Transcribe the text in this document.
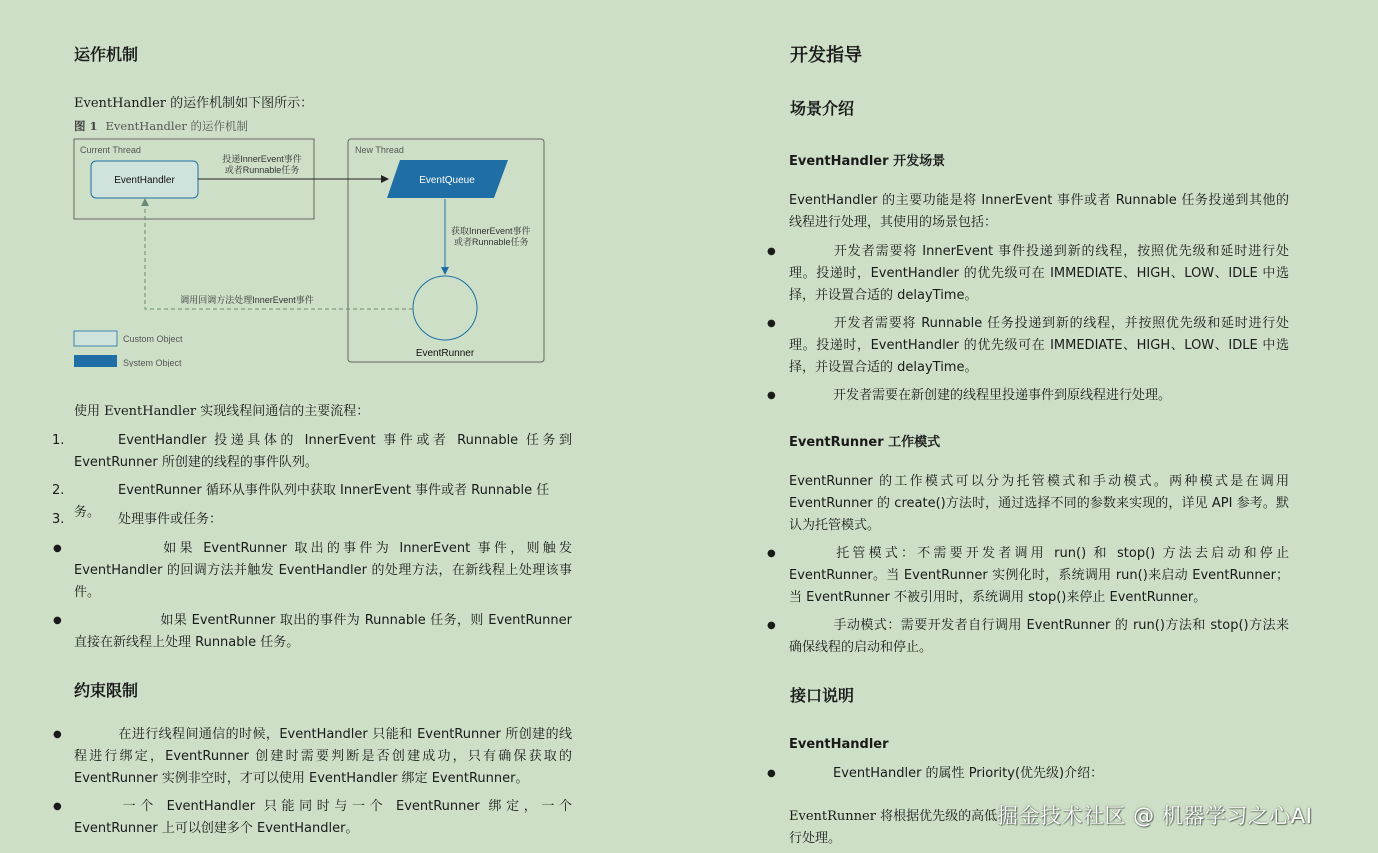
运作机制
EventHandler 的运作机制如下图所示：
图 1 EventHandler 的运作机制
Current Thread	New Thread
EventHandler	EventQueue
投递InnerEvent事件
或者Runnable任务
获取InnerEvent事件
或者Runnable任务
EventRunner
调用回调方法处理InnerEvent事件
Custom Object
System Object
使用 EventHandler 实现线程间通信的主要流程：
1.	EventHandler 投递具体的 InnerEvent 事件或者 Runnable 任务到 EventRunner 所创建的线程的事件队列。
2.	EventRunner 循环从事件队列中获取 InnerEvent 事件或者 Runnable 任务。
3.	处理事件或任务：
●	如果 EventRunner 取出的事件为 InnerEvent 事件，则触发 EventHandler 的回调方法并触发 EventHandler 的处理方法，在新线程上处理该事件。
●	如果 EventRunner 取出的事件为 Runnable 任务，则 EventRunner 直接在新线程上处理 Runnable 任务。
约束限制
●	在进行线程间通信的时候，EventHandler 只能和 EventRunner 所创建的线程进行绑定，EventRunner 创建时需要判断是否创建成功，只有确保获取的 EventRunner 实例非空时，才可以使用 EventHandler 绑定 EventRunner。
●	一个 EventHandler 只能同时与一个 EventRunner 绑定，一个 EventRunner 上可以创建多个 EventHandler。
开发指导
场景介绍
EventHandler 开发场景
EventHandler 的主要功能是将 InnerEvent 事件或者 Runnable 任务投递到其他的线程进行处理，其使用的场景包括：
●	开发者需要将 InnerEvent 事件投递到新的线程，按照优先级和延时进行处理。投递时，EventHandler 的优先级可在 IMMEDIATE、HIGH、LOW、IDLE 中选择，并设置合适的 delayTime。
●	开发者需要将 Runnable 任务投递到新的线程，并按照优先级和延时进行处理。投递时，EventHandler 的优先级可在 IMMEDIATE、HIGH、LOW、IDLE 中选择，并设置合适的 delayTime。
●	开发者需要在新创建的线程里投递事件到原线程进行处理。
EventRunner 工作模式
EventRunner 的工作模式可以分为托管模式和手动模式。两种模式是在调用 EventRunner 的 create()方法时，通过选择不同的参数来实现的，详见 API 参考。默认为托管模式。
●	托管模式：不需要开发者调用 run() 和 stop() 方法去启动和停止 EventRunner。当 EventRunner 实例化时，系统调用 run()来启动 EventRunner；当 EventRunner 不被引用时，系统调用 stop()来停止 EventRunner。
●	手动模式：需要开发者自行调用 EventRunner 的 run()方法和 stop()方法来确保线程的启动和停止。
接口说明
EventHandler
●	EventHandler 的属性 Priority(优先级)介绍：
EventRunner 将根据优先级的高低
行处理。
掘金技术社区 @ 机器学习之心AI
